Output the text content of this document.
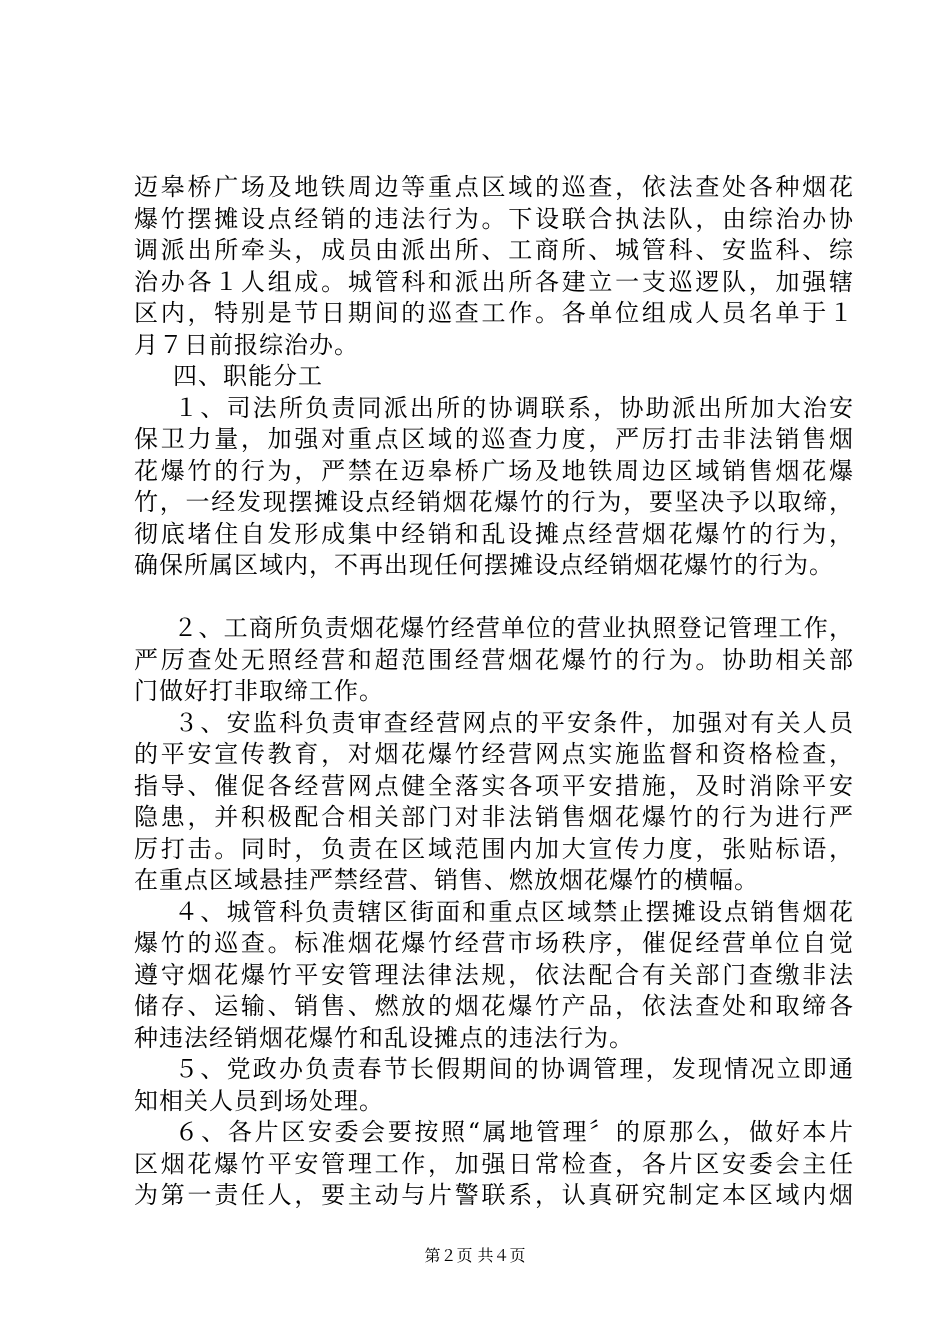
迈皋桥广场及地铁周边等重点区域的巡查，依法查处各种烟花
爆竹摆摊设点经销的违法行为。下设联合执法队，由综治办协
调派出所牵头，成员由派出所、工商所、城管科、安监科、综
治办各１人组成。城管科和派出所各建立一支巡逻队，加强辖
区内，特别是节日期间的巡查工作。各单位组成人员名单于１
月７日前报综治办。
　四、职能分工
　１、司法所负责同派出所的协调联系，协助派出所加大治安
保卫力量，加强对重点区域的巡查力度，严厉打击非法销售烟
花爆竹的行为，严禁在迈皋桥广场及地铁周边区域销售烟花爆
竹，一经发现摆摊设点经销烟花爆竹的行为，要坚决予以取缔，
彻底堵住自发形成集中经销和乱设摊点经营烟花爆竹的行为，
确保所属区域内，不再出现任何摆摊设点经销烟花爆竹的行为。
　２、工商所负责烟花爆竹经营单位的营业执照登记管理工作，
严厉查处无照经营和超范围经营烟花爆竹的行为。协助相关部
门做好打非取缔工作。
　３、安监科负责审查经营网点的平安条件，加强对有关人员
的平安宣传教育，对烟花爆竹经营网点实施监督和资格检查，
指导、催促各经营网点健全落实各项平安措施，及时消除平安
隐患，并积极配合相关部门对非法销售烟花爆竹的行为进行严
厉打击。同时，负责在区域范围内加大宣传力度，张贴标语，
在重点区域悬挂严禁经营、销售、燃放烟花爆竹的横幅。
　４、城管科负责辖区街面和重点区域禁止摆摊设点销售烟花
爆竹的巡查。标准烟花爆竹经营市场秩序，催促经营单位自觉
遵守烟花爆竹平安管理法律法规，依法配合有关部门查缴非法
储存、运输、销售、燃放的烟花爆竹产品，依法查处和取缔各
种违法经销烟花爆竹和乱设摊点的违法行为。
　５、党政办负责春节长假期间的协调管理，发现情况立即通
知相关人员到场处理。
　６、各片区安委会要按照“属地管理〞的原那么，做好本片
区烟花爆竹平安管理工作，加强日常检查，各片区安委会主任
为第一责任人，要主动与片警联系，认真研究制定本区域内烟
第２页 共４页
